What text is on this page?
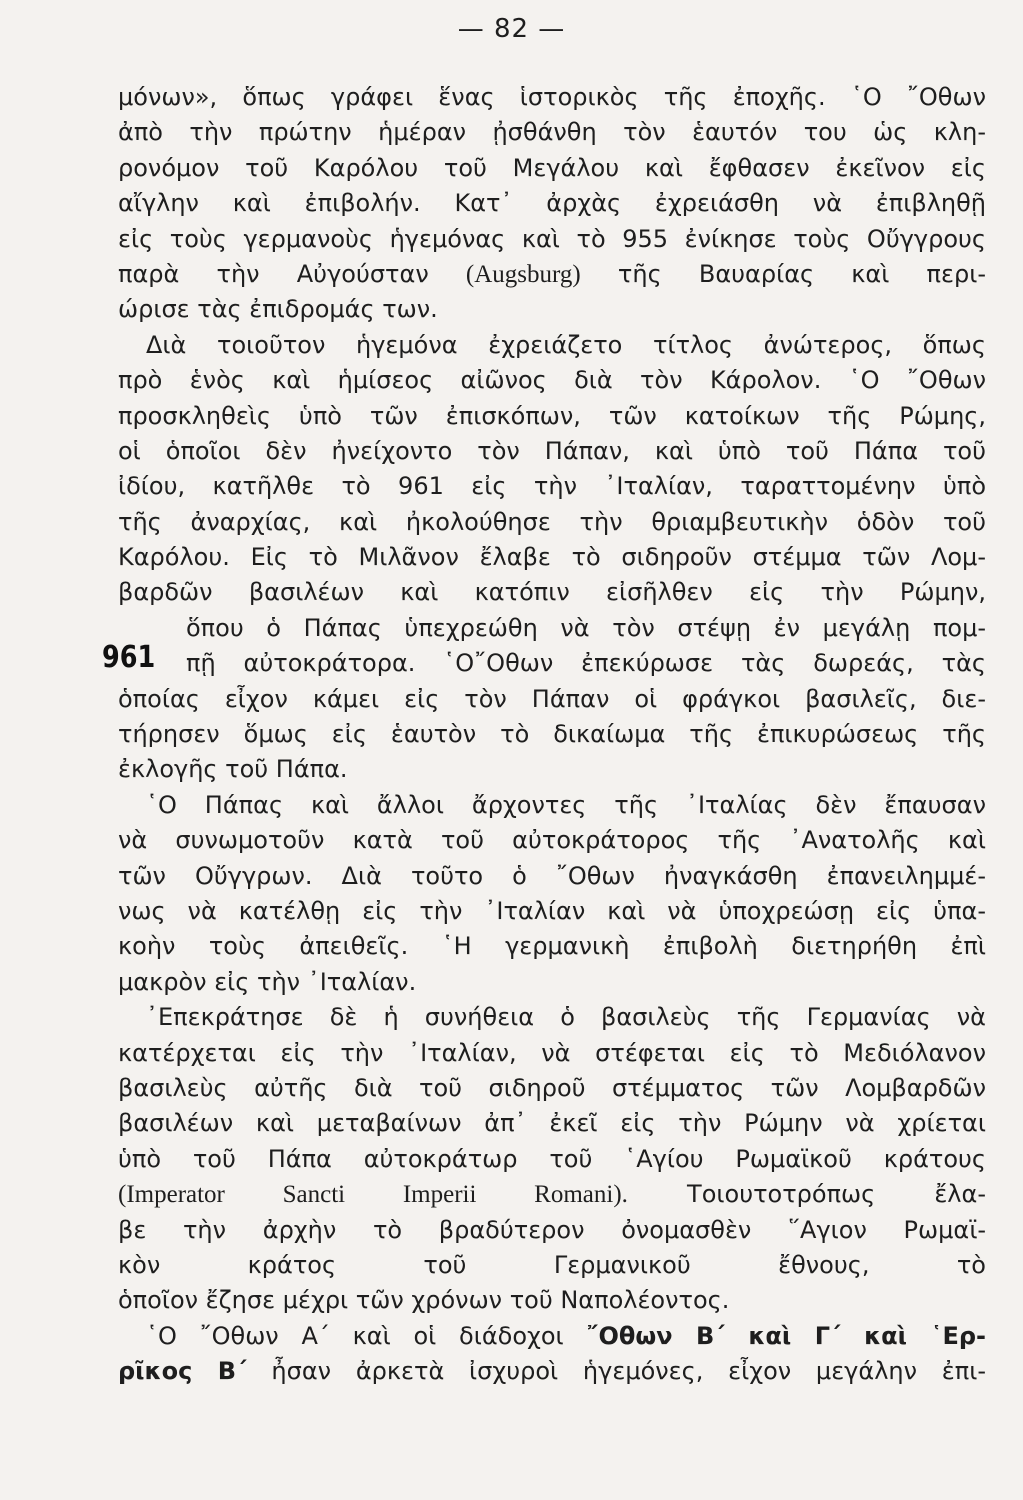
— 82 —
961
μόνων», ὅπως γράφει ἕνας ἱστορικὸς τῆς ἐποχῆς. ῾Ο ῎Οθων
ἀπὸ τὴν πρώτην ἡμέραν ᾐσθάνθη τὸν ἑαυτόν του ὡς κλη-
ρονόμον τοῦ Καρόλου τοῦ Μεγάλου καὶ ἔφθασεν ἐκεῖνον εἰς
αἴγλην καὶ ἐπιβολήν. Κατ᾽ ἀρχὰς ἐχρειάσθη νὰ ἐπιβληθῇ
εἰς τοὺς γερμανοὺς ἡγεμόνας καὶ τὸ 955 ἐνίκησε τοὺς Οὔγγρους
παρὰ τὴν Αὐγούσταν (Augsburg) τῆς Βαυαρίας καὶ περι-
ώρισε τὰς ἐπιδρομάς των.
Διὰ τοιοῦτον ἡγεμόνα ἐχρειάζετο τίτλος ἀνώτερος, ὅπως
πρὸ ἑνὸς καὶ ἡμίσεος αἰῶνος διὰ τὸν Κάρολον. ῾Ο ῎Οθων
προσκληθεὶς ὑπὸ τῶν ἐπισκόπων, τῶν κατοίκων τῆς Ρώμης,
οἱ ὁποῖοι δὲν ἠνείχοντο τὸν Πάπαν, καὶ ὑπὸ τοῦ Πάπα τοῦ
ἰδίου, κατῆλθε τὸ 961 εἰς τὴν ᾽Ιταλίαν, ταραττομένην ὑπὸ
τῆς ἀναρχίας, καὶ ἠκολούθησε τὴν θριαμβευτικὴν ὁδὸν τοῦ
Καρόλου. Εἰς τὸ Μιλᾶνον ἔλαβε τὸ σιδηροῦν στέμμα τῶν Λομ-
βαρδῶν βασιλέων καὶ κατόπιν εἰσῆλθεν εἰς τὴν Ρώμην,
ὅπου ὁ Πάπας ὑπεχρεώθη νὰ τὸν στέψῃ ἐν μεγάλῃ πομ-
πῇ αὐτοκράτορα. ῾Ο῎Οθων ἐπεκύρωσε τὰς δωρεάς, τὰς
ὁποίας εἶχον κάμει εἰς τὸν Πάπαν οἱ φράγκοι βασιλεῖς, διε-
τήρησεν ὅμως εἰς ἑαυτὸν τὸ δικαίωμα τῆς ἐπικυρώσεως τῆς
ἐκλογῆς τοῦ Πάπα.
῾Ο Πάπας καὶ ἄλλοι ἄρχοντες τῆς ᾽Ιταλίας δὲν ἔπαυσαν
νὰ συνωμοτοῦν κατὰ τοῦ αὐτοκράτορος τῆς ᾽Ανατολῆς καὶ
τῶν Οὔγγρων. Διὰ τοῦτο ὁ ῎Οθων ἠναγκάσθη ἐπανειλημμέ-
νως νὰ κατέλθῃ εἰς τὴν ᾽Ιταλίαν καὶ νὰ ὑποχρεώσῃ εἰς ὑπα-
κοὴν τοὺς ἀπειθεῖς. ῾Η γερμανικὴ ἐπιβολὴ διετηρήθη ἐπὶ
μακρὸν εἰς τὴν ᾽Ιταλίαν.
᾽Επεκράτησε δὲ ἡ συνήθεια ὁ βασιλεὺς τῆς Γερμανίας νὰ
κατέρχεται εἰς τὴν ᾽Ιταλίαν, νὰ στέφεται εἰς τὸ Μεδιόλανον
βασιλεὺς αὐτῆς διὰ τοῦ σιδηροῦ στέμματος τῶν Λομβαρδῶν
βασιλέων καὶ μεταβαίνων ἀπ᾽ ἐκεῖ εἰς τὴν Ρώμην νὰ χρίεται
ὑπὸ τοῦ Πάπα αὐτοκράτωρ τοῦ ῾Αγίου Ρωμαϊκοῦ κράτους
(Imperator Sancti Imperii Romani). Τοιουτοτρόπως ἔλα-
βε τὴν ἀρχὴν τὸ βραδύτερον ὀνομασθὲν ῞Αγιον Ρωμαϊ-
κὸν κράτος τοῦ Γερμανικοῦ ἔθνους, τὸ
ὁποῖον ἔζησε μέχρι τῶν χρόνων τοῦ Ναπολέοντος.
῾Ο ῎Οθων Α΄ καὶ οἱ διάδοχοι ῎Οθων Β΄ καὶ Γ΄ καὶ ῾Ερ-
ρῖκος Β΄ ἦσαν ἀρκετὰ ἰσχυροὶ ἡγεμόνες, εἶχον μεγάλην ἐπι-
